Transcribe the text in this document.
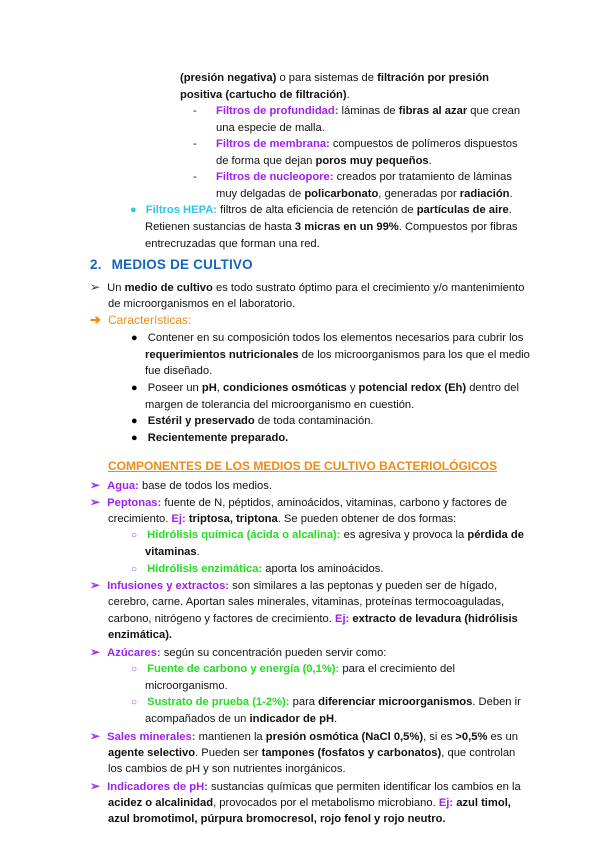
(presión negativa) o para sistemas de filtración por presión
positiva (cartucho de filtración).
- Filtros de profundidad: láminas de fibras al azar que crean
una especie de malla.
- Filtros de membrana: compuestos de polímeros dispuestos
de forma que dejan poros muy pequeños.
- Filtros de nucleopore: creados por tratamiento de láminas
muy delgadas de policarbonato, generadas por radiación.
● Filtros HEPA: filtros de alta eficiencia de retención de partículas de aire.
Retienen sustancias de hasta 3 micras en un 99%. Compuestos por fibras
entrecruzadas que forman una red.
2. MEDIOS DE CULTIVO
➢ Un medio de cultivo es todo sustrato óptimo para el crecimiento y/o mantenimiento
de microorganismos en el laboratorio.
➔ Características:
● Contener en su composición todos los elementos necesarios para cubrir los
requerimientos nutricionales de los microorganismos para los que el medio
fue diseñado.
● Poseer un pH, condiciones osmóticas y potencial redox (Eh) dentro del
margen de tolerancia del microorganismo en cuestión.
● Estéril y preservado de toda contaminación.
● Recientemente preparado.
COMPONENTES DE LOS MEDIOS DE CULTIVO BACTERIOLÓGICOS
➢ Agua: base de todos los medios.
➢ Peptonas: fuente de N, péptidos, aminoácidos, vitaminas, carbono y factores de
crecimiento. Ej: triptosa, triptona. Se pueden obtener de dos formas:
○ Hidrólisis química (ácida o alcalina): es agresiva y provoca la pérdida de
vitaminas.
○ Hidrólisis enzimática: aporta los aminoácidos.
➢ Infusiones y extractos: son similares a las peptonas y pueden ser de hígado,
cerebro, carne. Aportan sales minerales, vitaminas, proteínas termocoaguladas,
carbono, nitrógeno y factores de crecimiento. Ej: extracto de levadura (hidrólisis
enzimática).
➢ Azúcares: según su concentración pueden servir como:
○ Fuente de carbono y energía (0,1%): para el crecimiento del
microorganismo.
○ Sustrato de prueba (1-2%): para diferenciar microorganismos. Deben ir
acompañados de un indicador de pH.
➢ Sales minerales: mantienen la presión osmótica (NaCl 0,5%), si es >0,5% es un
agente selectivo. Pueden ser tampones (fosfatos y carbonatos), que controlan
los cambios de pH y son nutrientes inorgánicos.
➢ Indicadores de pH: sustancias químicas que permiten identificar los cambios en la
acidez o alcalinidad, provocados por el metabolismo microbiano. Ej: azul timol,
azul bromotimol, púrpura bromocresol, rojo fenol y rojo neutro.
